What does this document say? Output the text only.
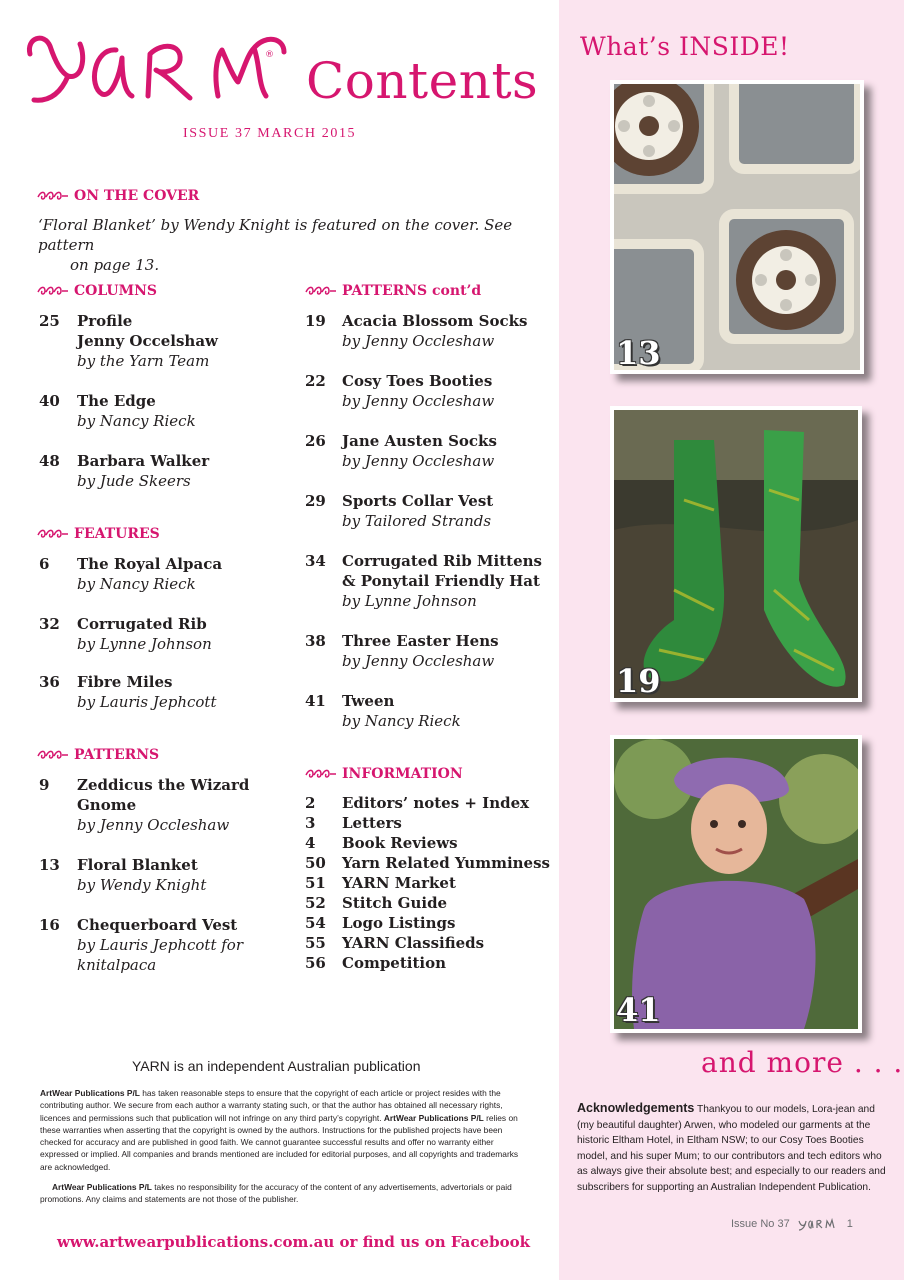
® Contents
ISSUE 37 MARCH 2015
ON THE COVER
‘Floral Blanket’ by Wendy Knight is featured on the cover. See pattern
on page 13.
COLUMNS
25 Profile
Jenny Occelshaw
by the Yarn Team
40 The Edge
by Nancy Rieck
48 Barbara Walker
by Jude Skeers
FEATURES
6 The Royal Alpaca
by Nancy Rieck
32 Corrugated Rib
by Lynne Johnson
36 Fibre Miles
by Lauris Jephcott
PATTERNS
9 Zeddicus the Wizard
Gnome
by Jenny Occleshaw
13 Floral Blanket
by Wendy Knight
16 Chequerboard Vest
by Lauris Jephcott for
knitalpaca
PATTERNS cont’d
19 Acacia Blossom Socks
by Jenny Occleshaw
22 Cosy Toes Booties
by Jenny Occleshaw
26 Jane Austen Socks
by Jenny Occleshaw
29 Sports Collar Vest
by Tailored Strands
34 Corrugated Rib Mittens
& Ponytail Friendly Hat
by Lynne Johnson
38 Three Easter Hens
by Jenny Occleshaw
41 Tween
by Nancy Rieck
INFORMATION
2	Editors’ notes + Index
3	Letters
4	Book Reviews
50	Yarn Related Yumminess
51	YARN Market
52	Stitch Guide
54	Logo Listings
55	YARN Classifieds
56	Competition
YARN is an independent Australian publication

ArtWear Publications P/L has taken reasonable steps to ensure that the copyright of each article or project resides with the contributing author. We secure from each author a warranty stating such, or that the author has obtained all necessary rights, licences and permissions such that publication will not infringe on any third party’s copyright. ArtWear Publications P/L relies on these warranties when asserting that the copyright is owned by the authors. Instructions for the published projects have been checked for accuracy and are published in good faith. We cannot guarantee successful results and offer no warranty either expressed or implied. All companies and brands mentioned are included for editorial purposes, and all copyrights and trademarks are acknowledged.

ArtWear Publications P/L takes no responsibility for the accuracy of the content of any advertisements, advertorials or paid promotions. Any claims and statements are not those of the publisher.

www.artwearpublications.com.au or find us on Facebook
What’s INSIDE!
13
19
41
and more . . .
Acknowledgements Thankyou to our models, Lora-jean and (my beautiful daughter) Arwen, who modeled our garments at the historic Eltham Hotel, in Eltham NSW; to our Cosy Toes Booties model, and his super Mum; to our contributors and tech editors who as always give their absolute best; and especially to our readers and subscribers for supporting an Australian Independent Publication.
Issue No 37	1
